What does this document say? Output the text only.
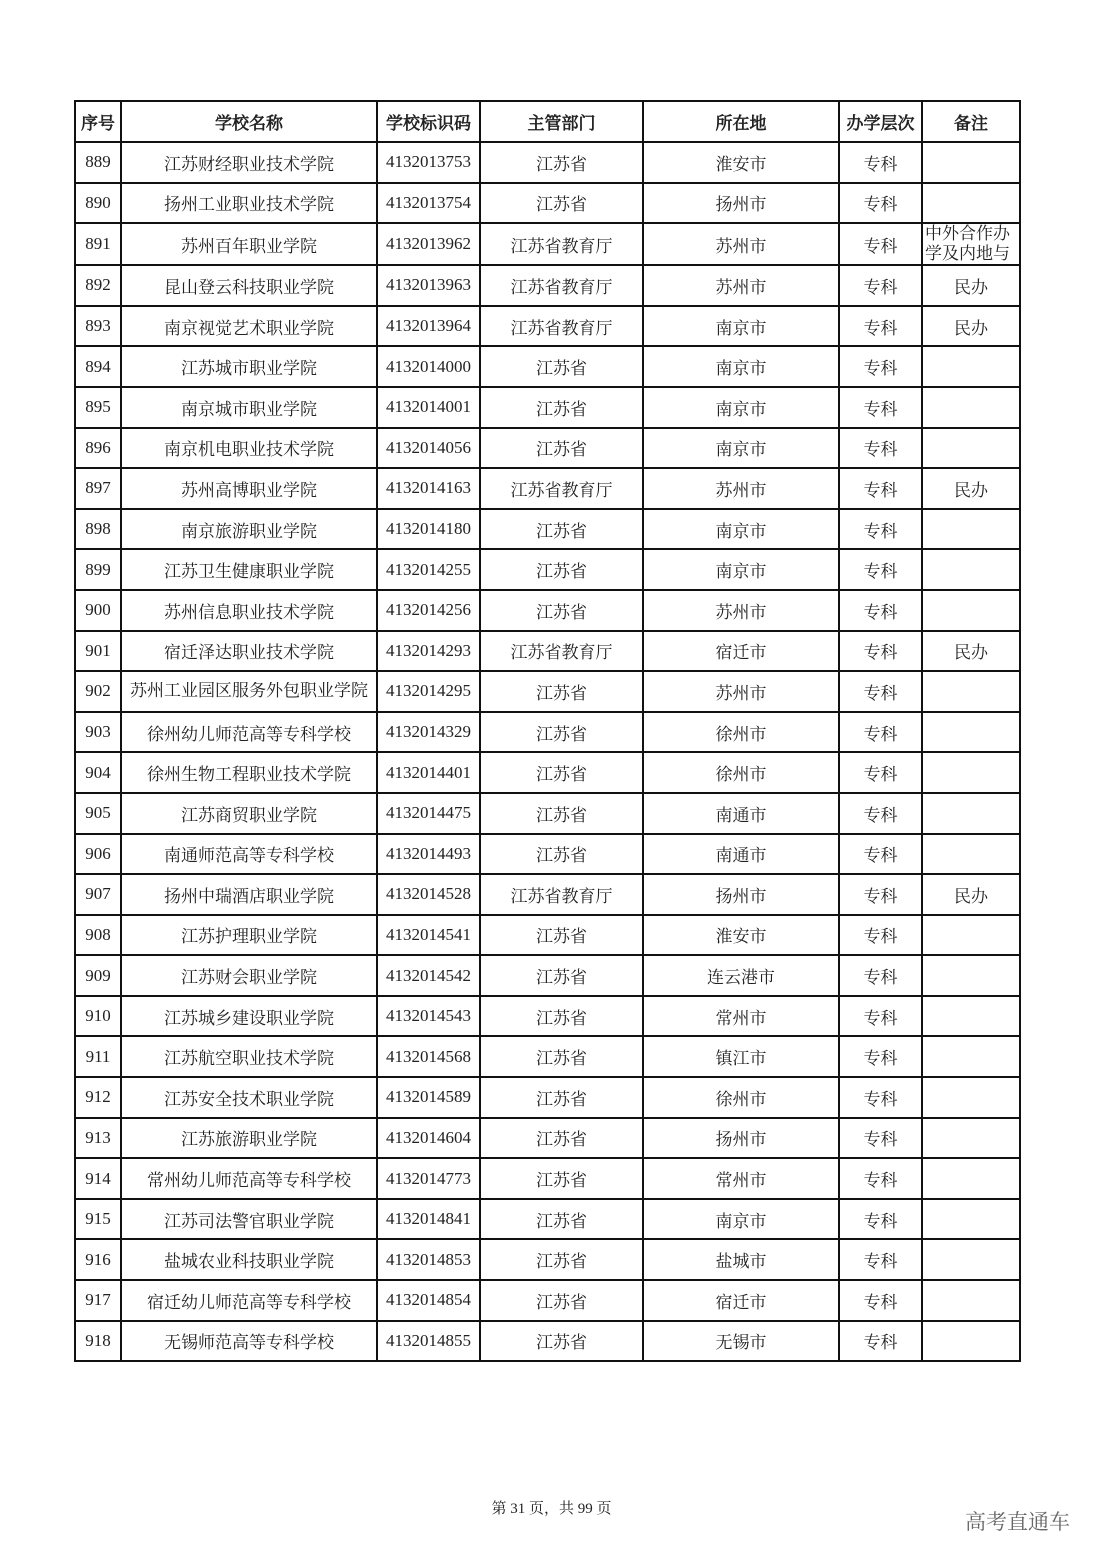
序号	学校名称	学校标识码	主管部门	所在地	办学层次	备注
889	江苏财经职业技术学院	4132013753	江苏省	淮安市	专科	
890	扬州工业职业技术学院	4132013754	江苏省	扬州市	专科	
891	苏州百年职业学院	4132013962	江苏省教育厅	苏州市	专科	中外合作办学及内地与

892	昆山登云科技职业学院	4132013963	江苏省教育厅	苏州市	专科	民办
893	南京视觉艺术职业学院	4132013964	江苏省教育厅	南京市	专科	民办
894	江苏城市职业学院	4132014000	江苏省	南京市	专科	
895	南京城市职业学院	4132014001	江苏省	南京市	专科	
896	南京机电职业技术学院	4132014056	江苏省	南京市	专科	
897	苏州高博职业学院	4132014163	江苏省教育厅	苏州市	专科	民办
898	南京旅游职业学院	4132014180	江苏省	南京市	专科	
899	江苏卫生健康职业学院	4132014255	江苏省	南京市	专科	
900	苏州信息职业技术学院	4132014256	江苏省	苏州市	专科	
901	宿迁泽达职业技术学院	4132014293	江苏省教育厅	宿迁市	专科	民办
902	苏州工业园区服务外包职业学院	4132014295	江苏省	苏州市	专科	
903	徐州幼儿师范高等专科学校	4132014329	江苏省	徐州市	专科	
904	徐州生物工程职业技术学院	4132014401	江苏省	徐州市	专科	
905	江苏商贸职业学院	4132014475	江苏省	南通市	专科	
906	南通师范高等专科学校	4132014493	江苏省	南通市	专科	
907	扬州中瑞酒店职业学院	4132014528	江苏省教育厅	扬州市	专科	民办
908	江苏护理职业学院	4132014541	江苏省	淮安市	专科	
909	江苏财会职业学院	4132014542	江苏省	连云港市	专科	
910	江苏城乡建设职业学院	4132014543	江苏省	常州市	专科	
911	江苏航空职业技术学院	4132014568	江苏省	镇江市	专科	
912	江苏安全技术职业学院	4132014589	江苏省	徐州市	专科	
913	江苏旅游职业学院	4132014604	江苏省	扬州市	专科	
914	常州幼儿师范高等专科学校	4132014773	江苏省	常州市	专科	
915	江苏司法警官职业学院	4132014841	江苏省	南京市	专科	
916	盐城农业科技职业学院	4132014853	江苏省	盐城市	专科	
917	宿迁幼儿师范高等专科学校	4132014854	江苏省	宿迁市	专科	
918	无锡师范高等专科学校	4132014855	江苏省	无锡市	专科	
第 31 页，共 99 页
高考直通车
